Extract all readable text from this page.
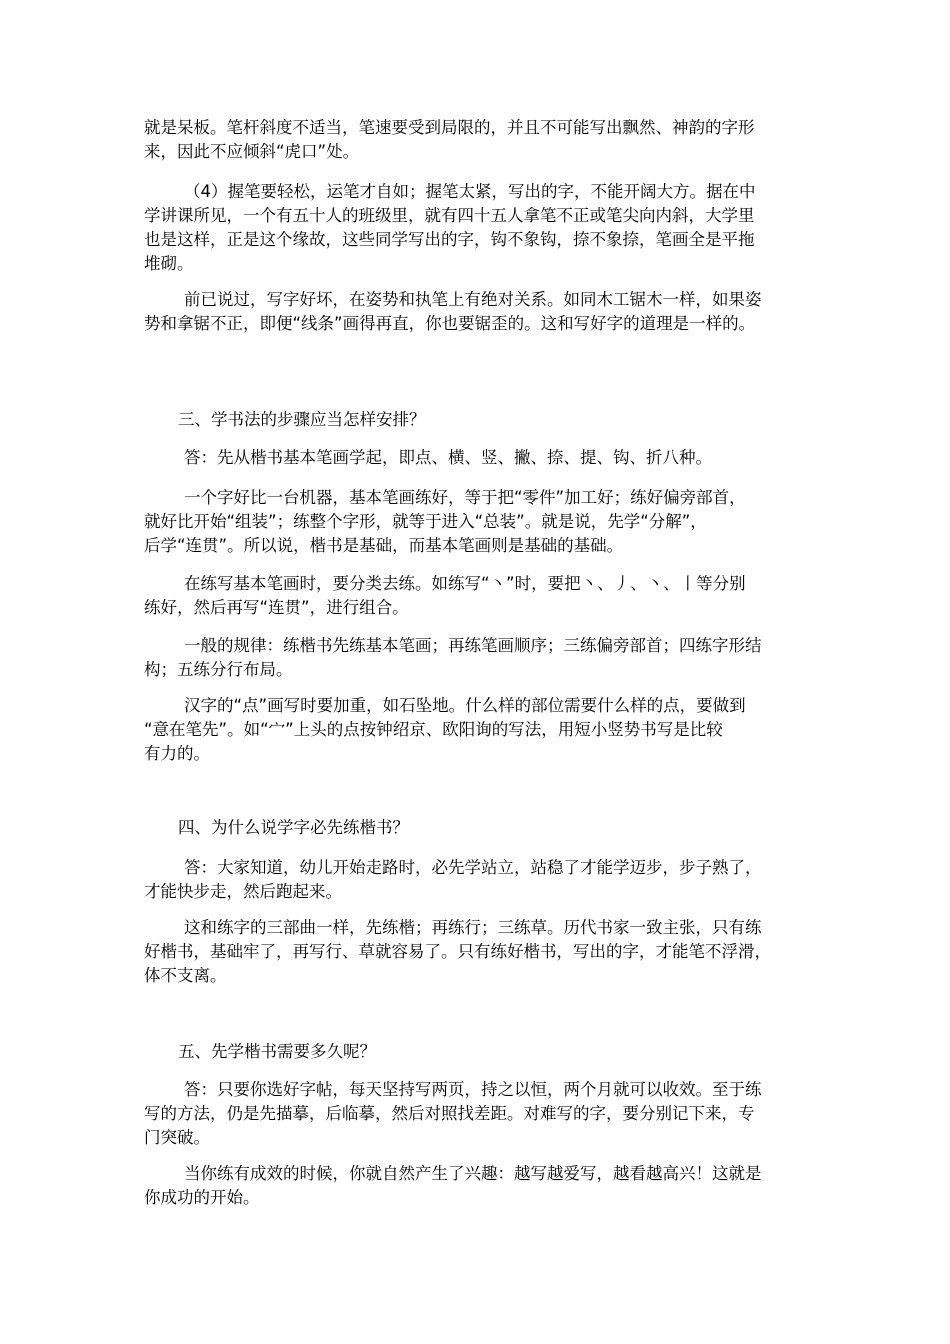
就是呆板。笔杆斜度不适当，笔速要受到局限的，并且不可能写出飘然、神韵的字形
来，因此不应倾斜“虎口”处。
（4）握笔要轻松，运笔才自如；握笔太紧，写出的字，不能开阔大方。据在中
学讲课所见，一个有五十人的班级里，就有四十五人拿笔不正或笔尖向内斜，大学里
也是这样，正是这个缘故，这些同学写出的字，钩不象钩，捺不象捺，笔画全是平拖
堆砌。
前已说过，写字好坏，在姿势和执笔上有绝对关系。如同木工锯木一样，如果姿
势和拿锯不正，即便“线条”画得再直，你也要锯歪的。这和写好字的道理是一样的。
三、学书法的步骤应当怎样安排？
答：先从楷书基本笔画学起，即点、横、竖、撇、捺、提、钩、折八种。
一个字好比一台机器，基本笔画练好，等于把“零件”加工好；练好偏旁部首，
就好比开始“组装”；练整个字形，就等于进入“总装”。就是说，先学“分解”，
后学“连贯”。所以说，楷书是基础，而基本笔画则是基础的基础。
在练写基本笔画时，要分类去练。如练写“丶”时，要把丶、丿、丶、丨等分别
练好，然后再写“连贯”，进行组合。
一般的规律：练楷书先练基本笔画；再练笔画顺序；三练偏旁部首；四练字形结
构；五练分行布局。
汉字的“点”画写时要加重，如石坠地。什么样的部位需要什么样的点，要做到
“意在笔先”。如“宀”上头的点按钟绍京、欧阳询的写法，用短小竖势书写是比较
有力的。
四、为什么说学字必先练楷书？
答：大家知道，幼儿开始走路时，必先学站立，站稳了才能学迈步，步子熟了，
才能快步走，然后跑起来。
这和练字的三部曲一样，先练楷；再练行；三练草。历代书家一致主张，只有练
好楷书，基础牢了，再写行、草就容易了。只有练好楷书，写出的字，才能笔不浮滑，
体不支离。
五、先学楷书需要多久呢？
答：只要你选好字帖，每天坚持写两页，持之以恒，两个月就可以收效。至于练
写的方法，仍是先描摹，后临摹，然后对照找差距。对难写的字，要分别记下来，专
门突破。
当你练有成效的时候，你就自然产生了兴趣：越写越爱写，越看越高兴！这就是
你成功的开始。
